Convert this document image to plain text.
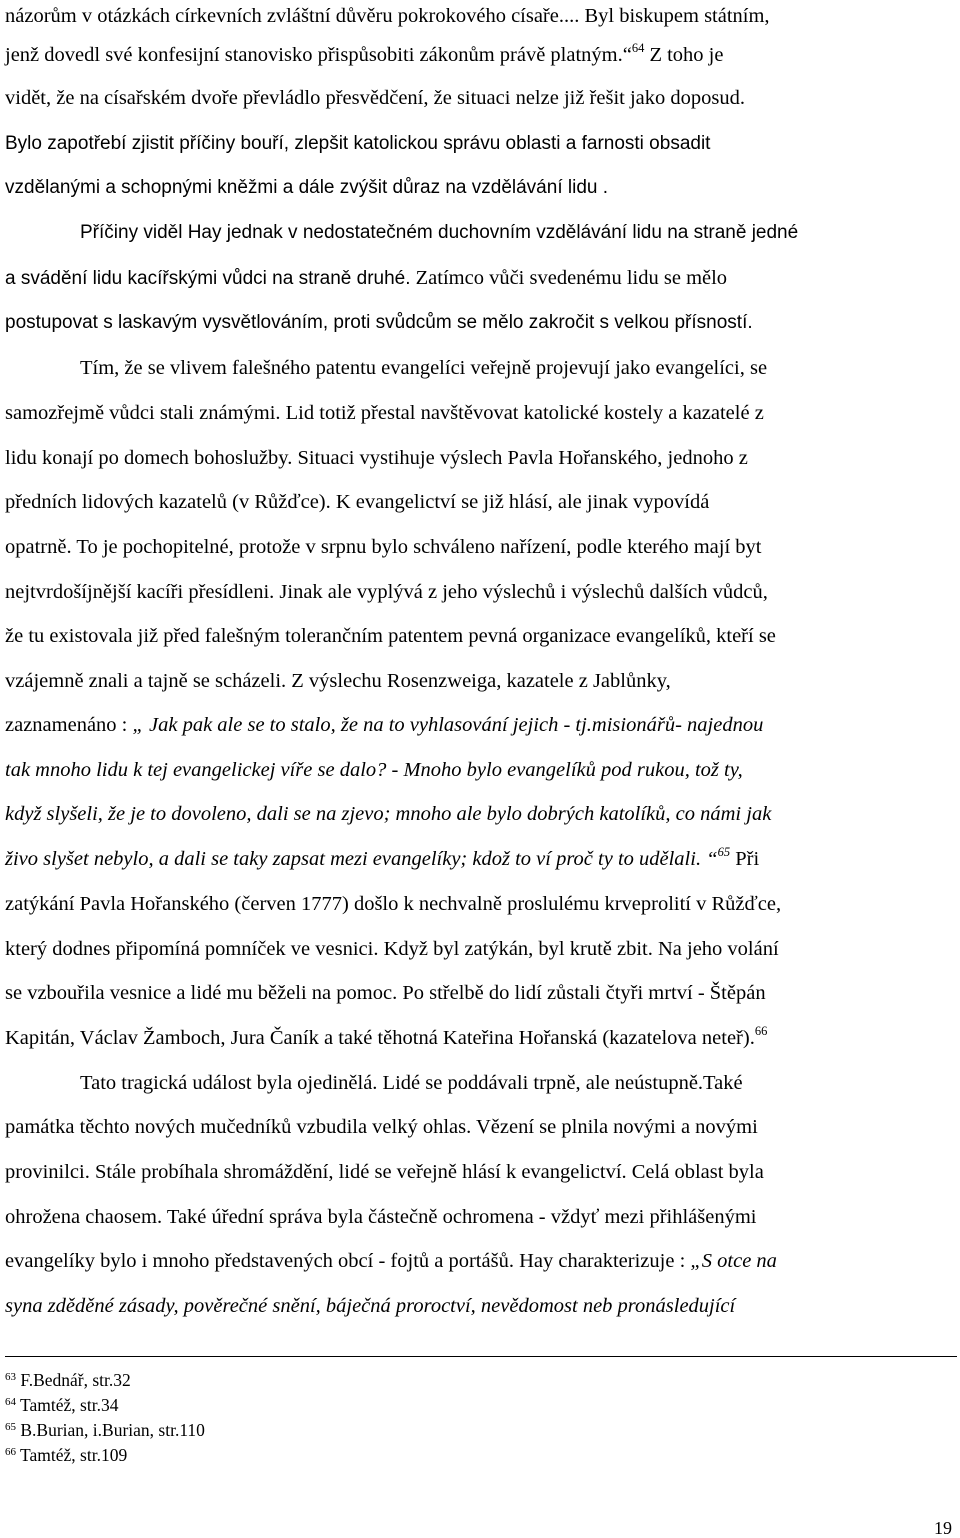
názorům v otázkách církevních zvláštní důvěru pokrokového císaře.... Byl biskupem státním,
jenž dovedl své konfesijní stanovisko přispůsobiti zákonům právě platným.“$^{64}$ Z toho je
vidět, že na císařském dvoře převládlo přesvědčení, že situaci nelze již řešit jako doposud.
Bylo zapotřebí zjistit příčiny bouří, zlepšit katolickou správu oblasti a farnosti obsadit
vzdělanými a schopnými kněžmi a dále zvýšit důraz na vzdělávání lidu .
Příčiny viděl Hay jednak v nedostatečném duchovním vzdělávání lidu na straně jedné
a svádění lidu kacířskými vůdci na straně druhé. Zatímco vůči svedenému lidu se mělo
postupovat s laskavým vysvětlováním, proti svůdcům se mělo zakročit s velkou přísností.
Tím, že se vlivem falešného patentu evangelíci veřejně projevují jako evangelíci, se
samozřejmě vůdci stali známými. Lid totiž přestal navštěvovat katolické kostely a kazatelé z
lidu konají po domech bohoslužby. Situaci vystihuje výslech Pavla Hořanského, jednoho z
předních lidových kazatelů (v Růžďce). K evangelictví se již hlásí, ale jinak vypovídá
opatrně. To je pochopitelné, protože v srpnu bylo schváleno nařízení, podle kterého mají byt
nejtvrdošíjnější kacíři přesídleni. Jinak ale vyplývá z jeho výslechů i výslechů dalších vůdců,
že tu existovala již před falešným tolerančním patentem pevná organizace evangelíků, kteří se
vzájemně znali a tajně se scházeli. Z výslechu Rosenzweiga, kazatele z Jablůnky,
zaznamenáno : „ Jak pak ale se to stalo, že na to vyhlasování jejich - tj.misionářů- najednou
tak mnoho lidu k tej evangelickej víře se dalo? - Mnoho bylo evangelíků pod rukou, tož ty,
když slyšeli, že je to dovoleno, dali se na zjevo; mnoho ale bylo dobrých katolíků, co námi jak
živo slyšet nebylo, a dali se taky zapsat mezi evangelíky; kdož to ví proč ty to udělali. “$^{65}$ Při
zatýkání Pavla Hořanského (červen 1777) došlo k nechvalně proslulému krveprolití v Růžďce,
který dodnes připomíná pomníček ve vesnici. Když byl zatýkán, byl krutě zbit. Na jeho volání
se vzbouřila vesnice a lidé mu běželi na pomoc. Po střelbě do lidí zůstali čtyři mrtví - Štěpán
Kapitán, Václav Žamboch, Jura Čaník a také těhotná Kateřina Hořanská (kazatelova neteř).$^{66}$
Tato tragická událost byla ojedinělá. Lidé se poddávali trpně, ale neústupně.Také
památka těchto nových mučedníků vzbudila velký ohlas. Vězení se plnila novými a novými
provinilci. Stále probíhala shromáždění, lidé se veřejně hlásí k evangelictví. Celá oblast byla
ohrožena chaosem. Také úřední správa byla částečně ochromena - vždyť mezi přihlášenými
evangelíky bylo i mnoho představených obcí - fojtů a portášů. Hay charakterizuje : „S otce na
syna zděděné zásady, pověrečné snění, báječná proroctví, nevědomost neb pronásledující
$^{63}$ F.Bednář, str.32
$^{64}$ Tamtéž, str.34
$^{65}$ B.Burian, i.Burian, str.110
$^{66}$ Tamtéž, str.109
19
